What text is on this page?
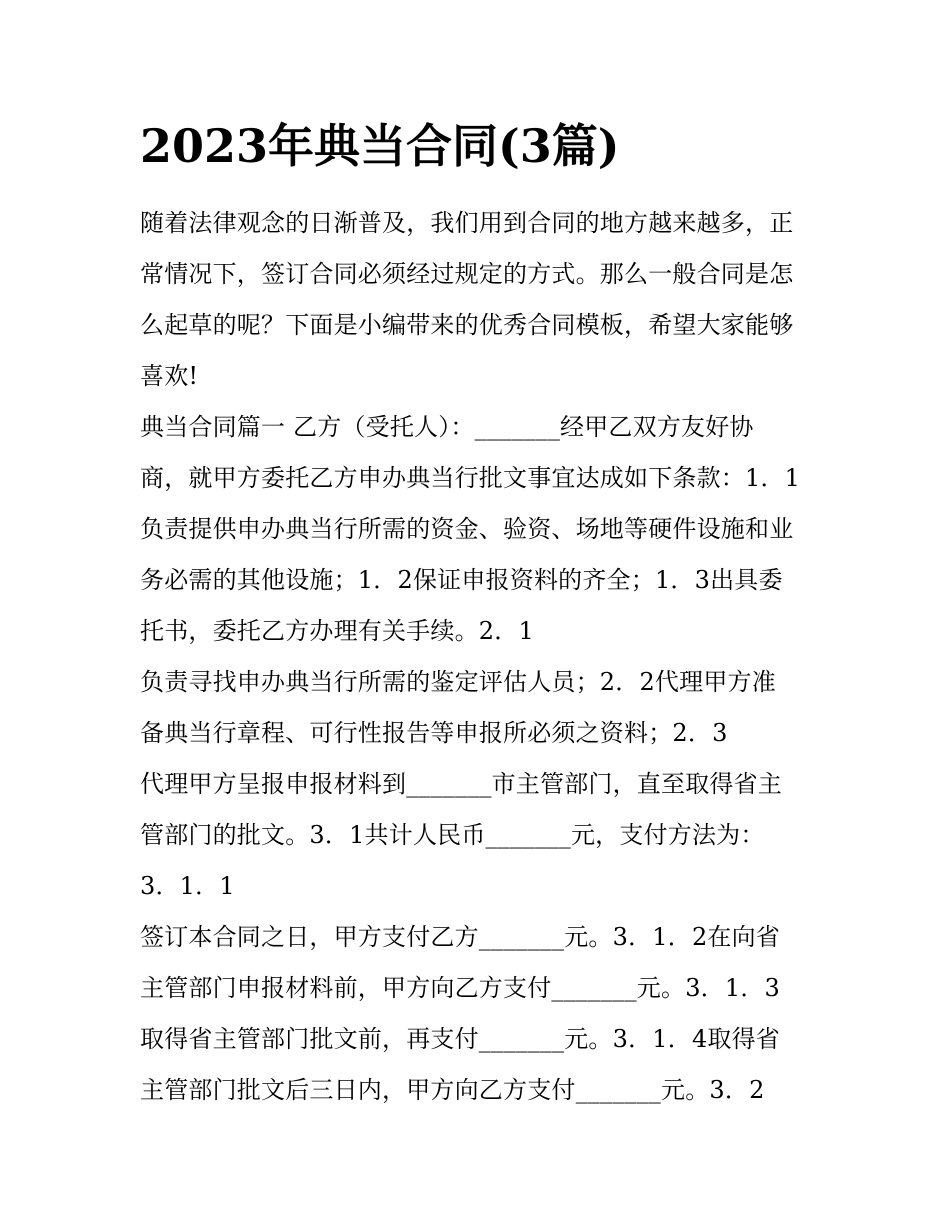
2023年典当合同(3篇)
随着法律观念的日渐普及，我们用到合同的地方越来越多，正
常情况下，签订合同必须经过规定的方式。那么一般合同是怎
么起草的呢？下面是小编带来的优秀合同模板，希望大家能够
喜欢!
典当合同篇一 乙方（受托人）：_______经甲乙双方友好协
商，就甲方委托乙方申办典当行批文事宜达成如下条款：1．1
负责提供申办典当行所需的资金、验资、场地等硬件设施和业
务必需的其他设施；1．2保证申报资料的齐全；1．3出具委
托书，委托乙方办理有关手续。2．1
负责寻找申办典当行所需的鉴定评估人员；2．2代理甲方准
备典当行章程、可行性报告等申报所必须之资料；2．3
代理甲方呈报申报材料到_______市主管部门，直至取得省主
管部门的批文。3．1共计人民币_______元，支付方法为：
3．1．1
签订本合同之日，甲方支付乙方_______元。3．1．2在向省
主管部门申报材料前，甲方向乙方支付_______元。3．1．3
取得省主管部门批文前，再支付_______元。3．1．4取得省
主管部门批文后三日内，甲方向乙方支付_______元。3．2
